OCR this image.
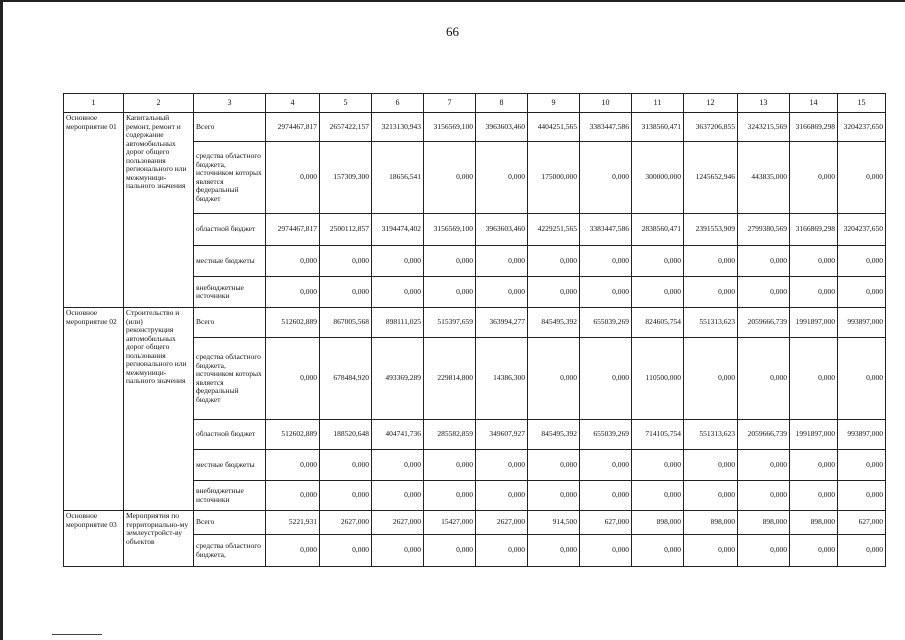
66
1	2	3	4	5	6	7	8	9	10	11	12	13	14	15
Основное мероприятие 01	Капитальный ремонт, ремонт и содержание автомобильных дорог общего пользования регионального или межмуници-пального значения	Всего	2974467,817	2657422,157	3213130,943	3156569,100	3963603,460	4404251,565	3383447,586	3138560,471	3637206,855	3243215,569	3166869,298	3204237,650
		средства областного бюджета, источником которых является федеральный бюджет	0,000	157309,300	18656,541	0,000	0,000	175000,000	0,000	300000,000	1245652,946	443835,000	0,000	0,000
		областной бюджет	2974467,817	2500112,857	3194474,402	3156569,100	3963603,460	4229251,565	3383447,586	2838560,471	2391553,909	2799380,569	3166869,298	3204237,650
		местные бюджеты	0,000	0,000	0,000	0,000	0,000	0,000	0,000	0,000	0,000	0,000	0,000	0,000
		внебюджетные источники	0,000	0,000	0,000	0,000	0,000	0,000	0,000	0,000	0,000	0,000	0,000	0,000
Основное мероприятие 02	Строительство и (или) реконструкция автомобильных дорог общего пользования регионального или межмуници-пального значения	Всего	512602,889	867005,568	898111,025	515397,659	363994,277	845495,392	655039,269	824605,754	551313,623	2059666,739	1991897,000	993897,000
		средства областного бюджета, источником которых является федеральный бюджет	0,000	678484,920	493369,289	229814,800	14386,300	0,000	0,000	110500,000	0,000	0,000	0,000	0,000
		областной бюджет	512602,889	188520,648	404741,736	285582,859	349607,927	845495,392	655039,269	714105,754	551313,623	2059666,739	1991897,000	993897,000
		местные бюджеты	0,000	0,000	0,000	0,000	0,000	0,000	0,000	0,000	0,000	0,000	0,000	0,000
		внебюджетные источники	0,000	0,000	0,000	0,000	0,000	0,000	0,000	0,000	0,000	0,000	0,000	0,000
Основное мероприятие 03	Мероприятия по территориально-му землеустройст-ву объектов	Всего	5221,931	2627,000	2627,000	15427,000	2627,000	914,500	627,000	898,000	898,000	898,000	898,000	627,000
		средства областного бюджета,	0,000	0,000	0,000	0,000	0,000	0,000	0,000	0,000	0,000	0,000	0,000	0,000
